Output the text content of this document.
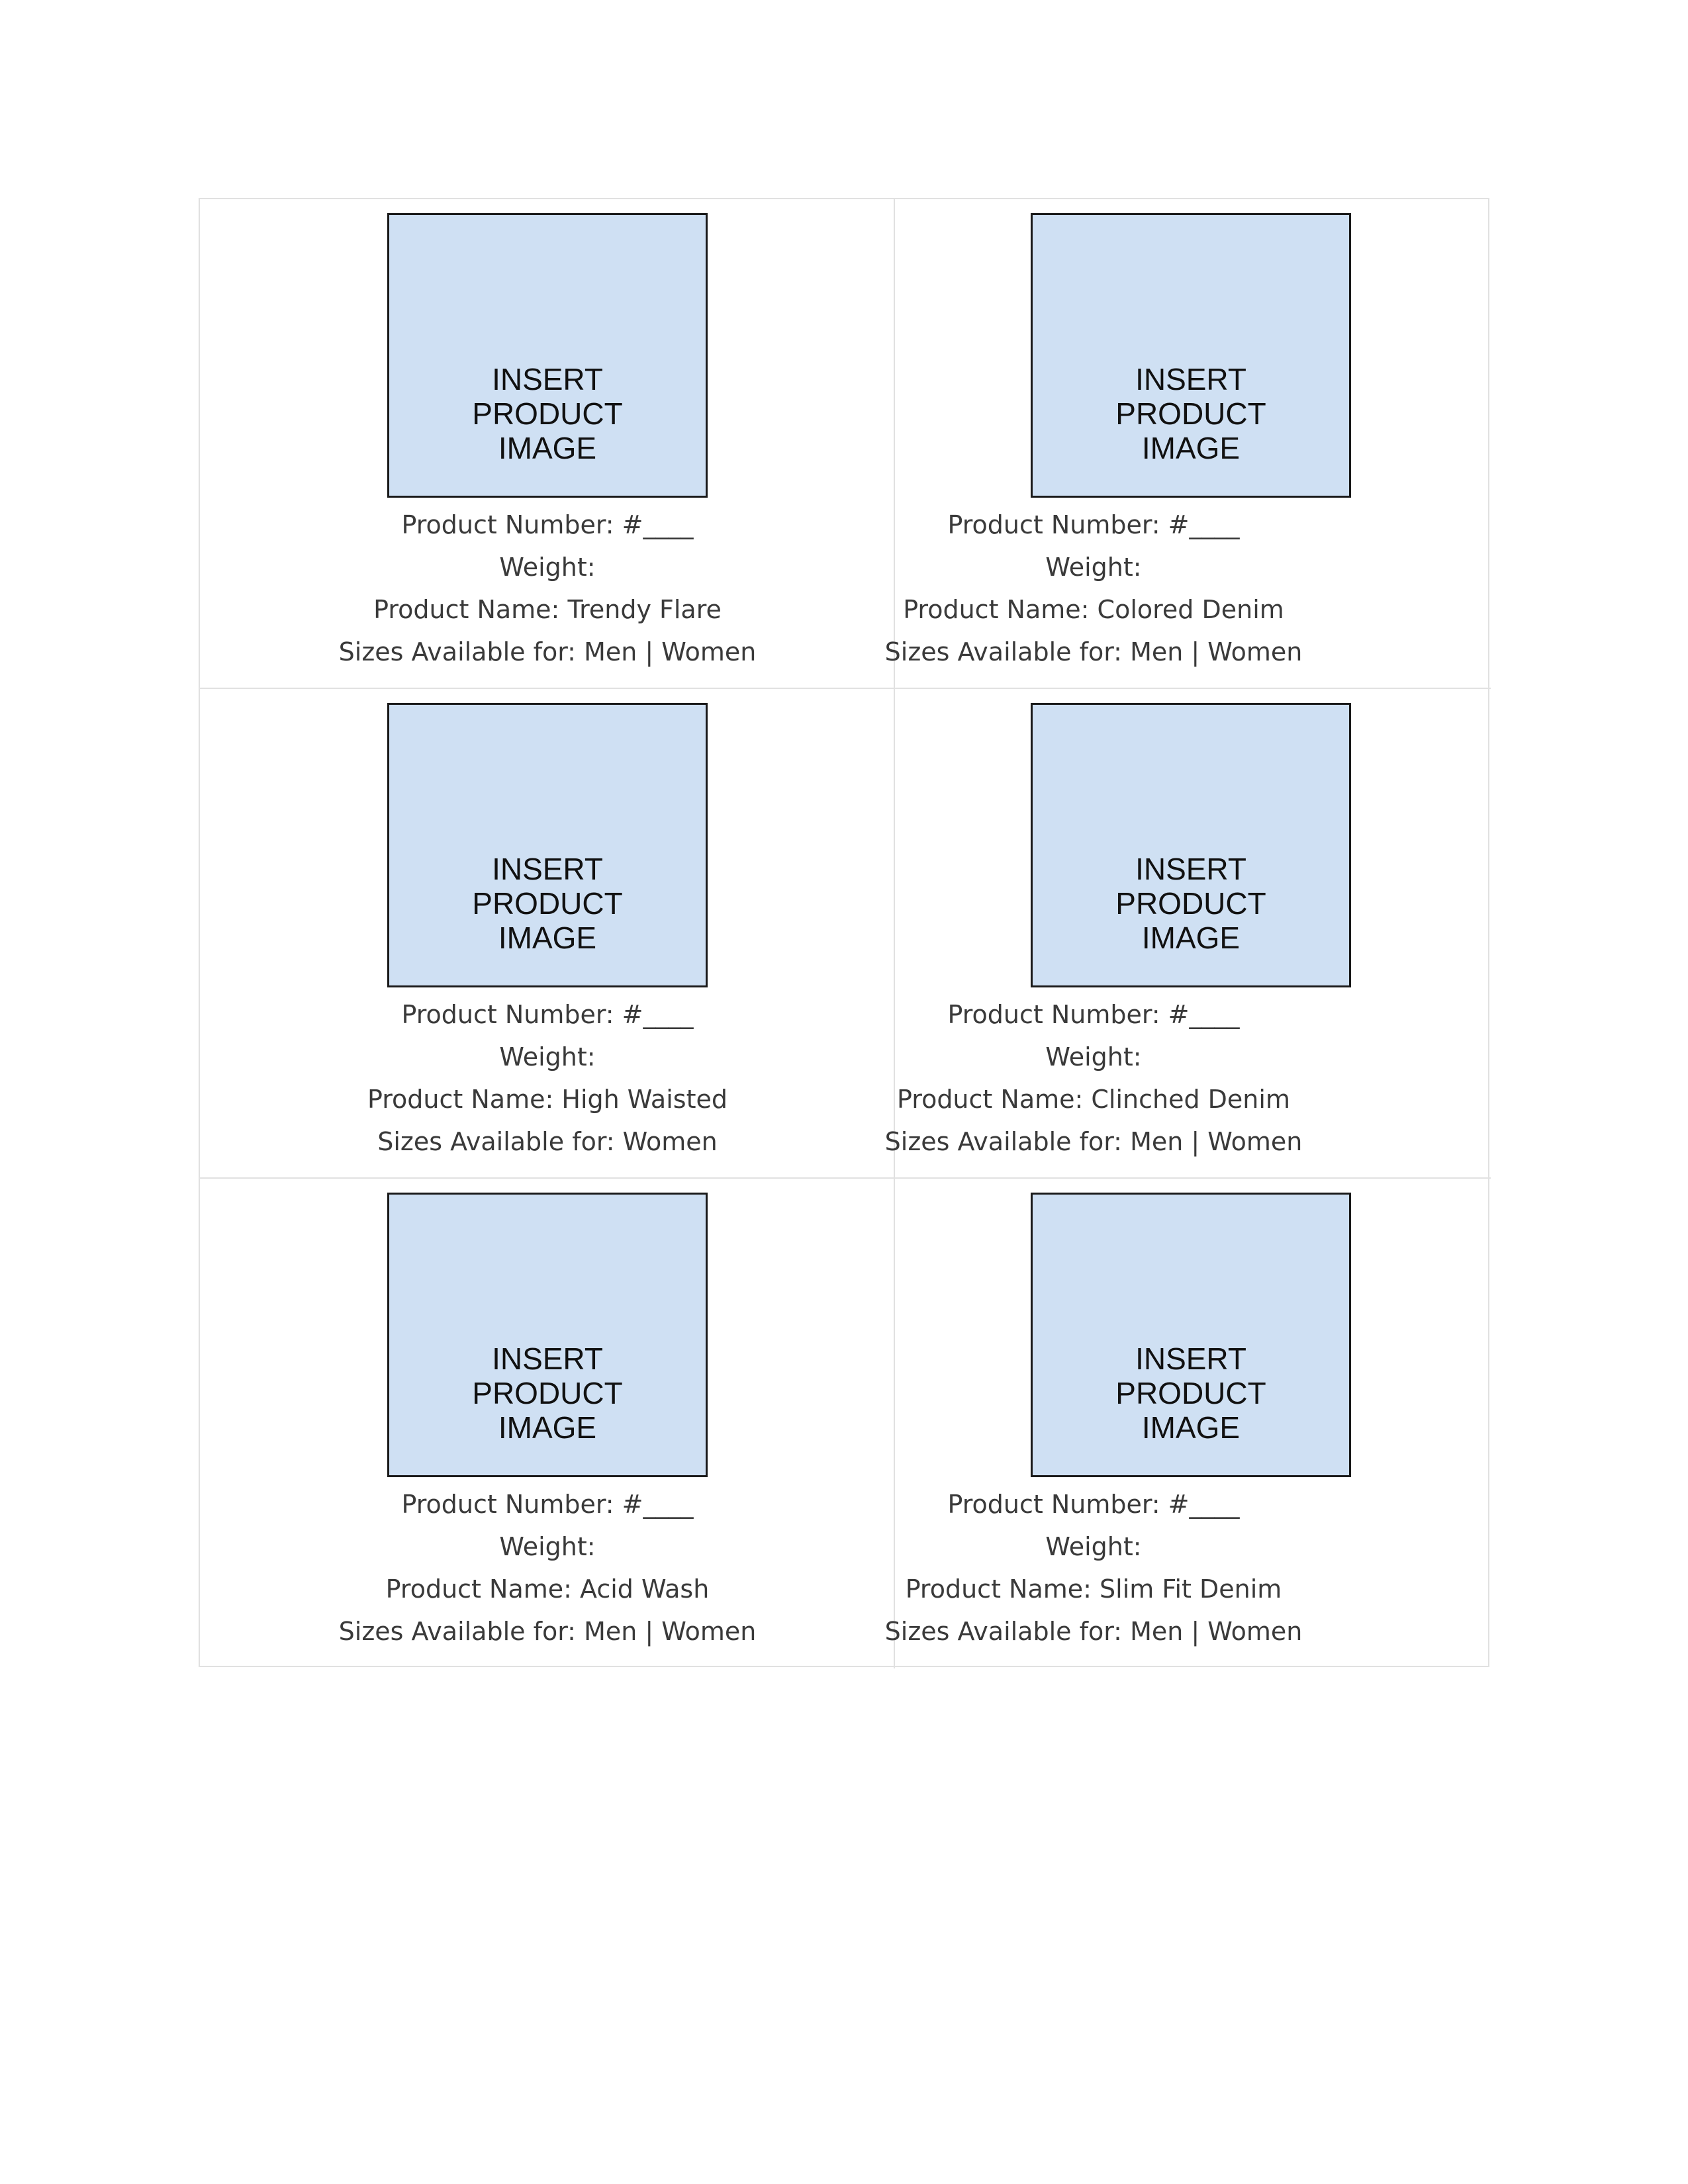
INSERT
PRODUCT
IMAGE
Product Number: #____
Weight:
Product Name: Trendy Flare
Sizes Available for: Men | Women
INSERT
PRODUCT
IMAGE
Product Number: #____
Weight:
Product Name: Colored Denim
Sizes Available for: Men | Women
INSERT
PRODUCT
IMAGE
Product Number: #____
Weight:
Product Name: High Waisted
Sizes Available for: Women
INSERT
PRODUCT
IMAGE
Product Number: #____
Weight:
Product Name: Clinched Denim
Sizes Available for: Men | Women
INSERT
PRODUCT
IMAGE
Product Number: #____
Weight:
Product Name: Acid Wash
Sizes Available for: Men | Women
INSERT
PRODUCT
IMAGE
Product Number: #____
Weight:
Product Name: Slim Fit Denim
Sizes Available for: Men | Women
